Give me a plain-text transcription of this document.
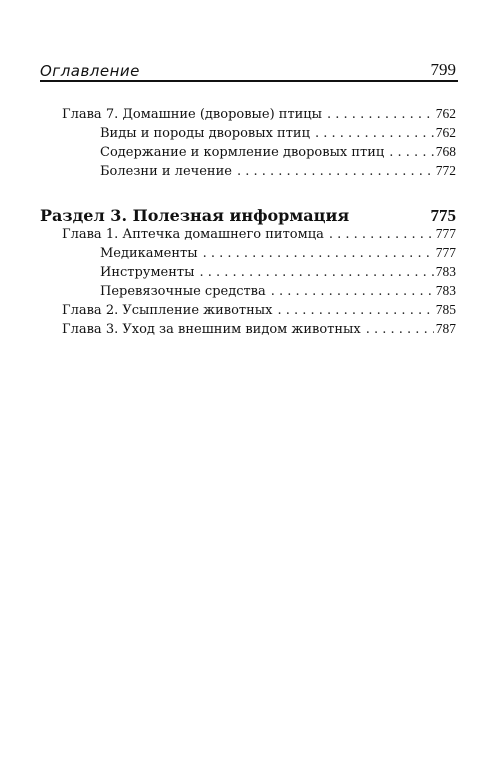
Оглавление	799
Глава 7. Домашние (дворовые) птицы . . .	762
Виды и породы дворовых птиц . . .	762
Содержание и кормление дворовых птиц . . .	768
Болезни и лечение . . .	772
Раздел 3. Полезная информация	775
Глава 1. Аптечка домашнего питомца . . .	777
Медикаменты . . .	777
Инструменты . . .	783
Перевязочные средства . . .	783
Глава 2. Усыпление животных . . .	785
Глава 3. Уход за внешним видом животных . . .	787
